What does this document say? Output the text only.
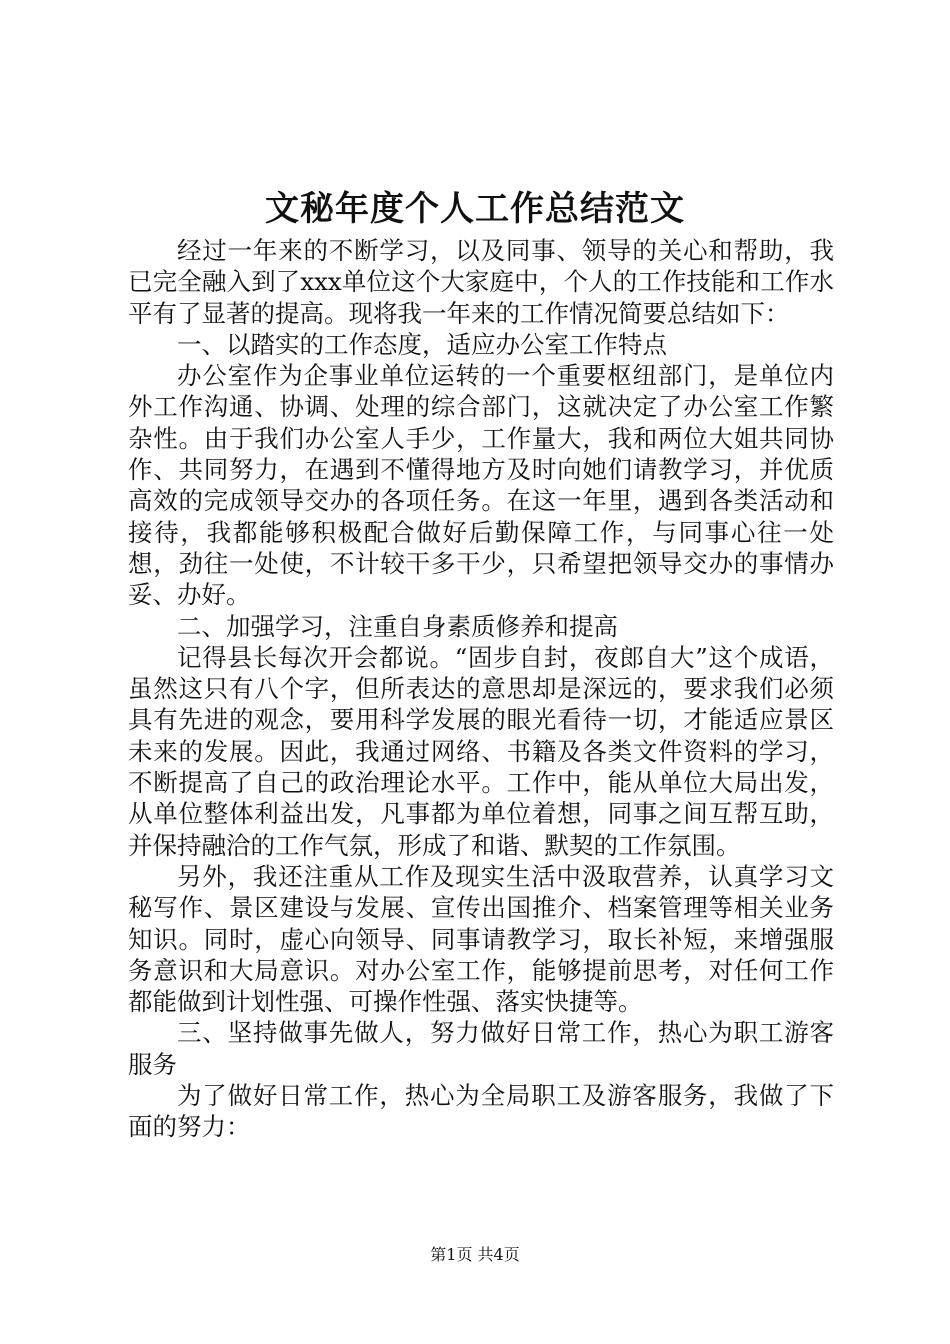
文秘年度个人工作总结范文

经过一年来的不断学习，以及同事、领导的关心和帮助，我已完全融入到了xxx单位这个大家庭中，个人的工作技能和工作水平有了显著的提高。现将我一年来的工作情况简要总结如下：

一、以踏实的工作态度，适应办公室工作特点

办公室作为企事业单位运转的一个重要枢纽部门，是单位内外工作沟通、协调、处理的综合部门，这就决定了办公室工作繁杂性。由于我们办公室人手少，工作量大，我和两位大姐共同协作、共同努力，在遇到不懂得地方及时向她们请教学习，并优质高效的完成领导交办的各项任务。在这一年里，遇到各类活动和接待，我都能够积极配合做好后勤保障工作，与同事心往一处想，劲往一处使，不计较干多干少，只希望把领导交办的事情办妥、办好。

二、加强学习，注重自身素质修养和提高

记得县长每次开会都说。“固步自封，夜郎自大”这个成语，虽然这只有八个字，但所表达的意思却是深远的，要求我们必须具有先进的观念，要用科学发展的眼光看待一切，才能适应景区未来的发展。因此，我通过网络、书籍及各类文件资料的学习，不断提高了自己的政治理论水平。工作中，能从单位大局出发，从单位整体利益出发，凡事都为单位着想，同事之间互帮互助，并保持融洽的工作气氛，形成了和谐、默契的工作氛围。

另外，我还注重从工作及现实生活中汲取营养，认真学习文秘写作、景区建设与发展、宣传出国推介、档案管理等相关业务知识。同时，虚心向领导、同事请教学习，取长补短，来增强服务意识和大局意识。对办公室工作，能够提前思考，对任何工作都能做到计划性强、可操作性强、落实快捷等。

三、坚持做事先做人，努力做好日常工作，热心为职工游客服务

为了做好日常工作，热心为全局职工及游客服务，我做了下面的努力：

第1页 共4页
